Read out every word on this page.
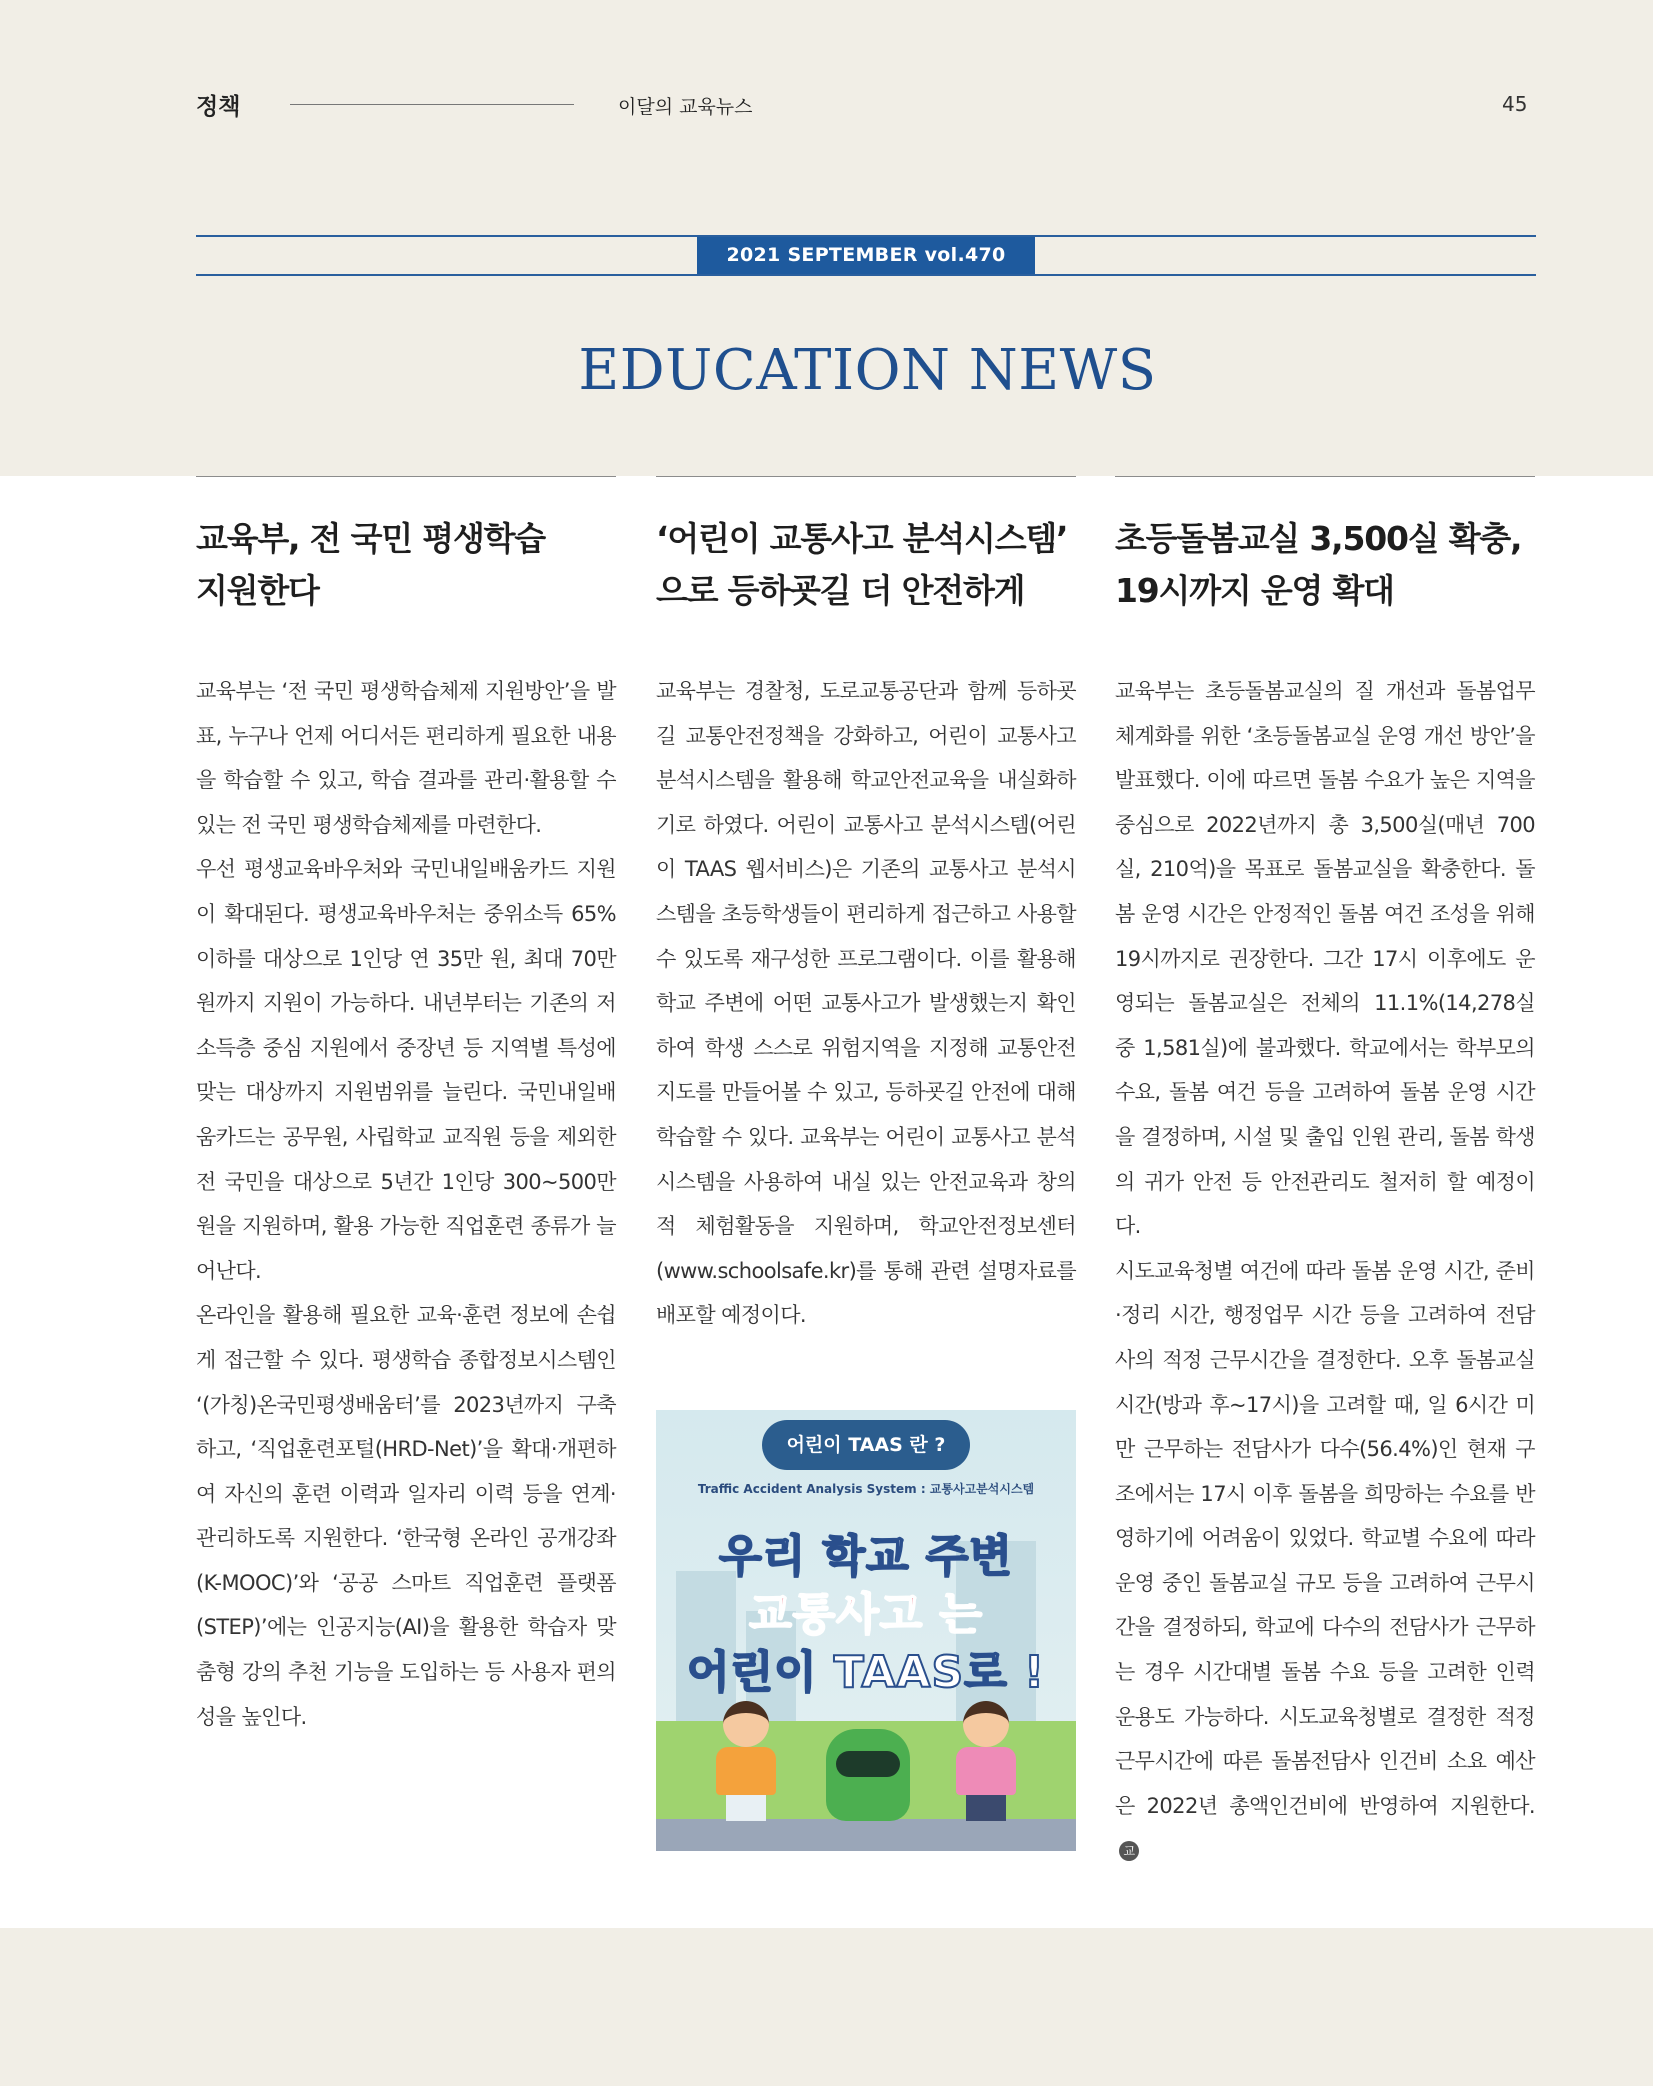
정책	이달의 교육뉴스	45
2021 SEPTEMBER vol.470
EDUCATION NEWS
교육부, 전 국민 평생학습
지원한다

교육부는 ‘전 국민 평생학습체제 지원방안’을 발표, 누구나 언제 어디서든 편리하게 필요한 내용을 학습할 수 있고, 학습 결과를 관리·활용할 수 있는 전 국민 평생학습체제를 마련한다.

우선 평생교육바우처와 국민내일배움카드 지원이 확대된다. 평생교육바우처는 중위소득 65% 이하를 대상으로 1인당 연 35만 원, 최대 70만 원까지 지원이 가능하다. 내년부터는 기존의 저소득층 중심 지원에서 중장년 등 지역별 특성에 맞는 대상까지 지원범위를 늘린다. 국민내일배움카드는 공무원, 사립학교 교직원 등을 제외한 전 국민을 대상으로 5년간 1인당 300~500만 원을 지원하며, 활용 가능한 직업훈련 종류가 늘어난다.

온라인을 활용해 필요한 교육·훈련 정보에 손쉽게 접근할 수 있다. 평생학습 종합정보시스템인 ‘(가칭)온국민평생배움터’를 2023년까지 구축하고, ‘직업훈련포털(HRD-Net)’을 확대·개편하여 자신의 훈련 이력과 일자리 이력 등을 연계·관리하도록 지원한다. ‘한국형 온라인 공개강좌(K-MOOC)’와 ‘공공 스마트 직업훈련 플랫폼(STEP)’에는 인공지능(AI)을 활용한 학습자 맞춤형 강의 추천 기능을 도입하는 등 사용자 편의성을 높인다.

‘어린이 교통사고 분석시스템’
으로 등하굣길 더 안전하게

교육부는 경찰청, 도로교통공단과 함께 등하굣길 교통안전정책을 강화하고, 어린이 교통사고 분석시스템을 활용해 학교안전교육을 내실화하기로 하였다. 어린이 교통사고 분석시스템(어린이 TAAS 웹서비스)은 기존의 교통사고 분석시스템을 초등학생들이 편리하게 접근하고 사용할 수 있도록 재구성한 프로그램이다. 이를 활용해 학교 주변에 어떤 교통사고가 발생했는지 확인하여 학생 스스로 위험지역을 지정해 교통안전지도를 만들어볼 수 있고, 등하굣길 안전에 대해 학습할 수 있다. 교육부는 어린이 교통사고 분석시스템을 사용하여 내실 있는 안전교육과 창의적 체험활동을 지원하며, 학교안전정보센터(www.schoolsafe.kr)를 통해 관련 설명자료를 배포할 예정이다.

초등돌봄교실 3,500실 확충,
19시까지 운영 확대

교육부는 초등돌봄교실의 질 개선과 돌봄업무 체계화를 위한 ‘초등돌봄교실 운영 개선 방안’을 발표했다. 이에 따르면 돌봄 수요가 높은 지역을 중심으로 2022년까지 총 3,500실(매년 700실, 210억)을 목표로 돌봄교실을 확충한다. 돌봄 운영 시간은 안정적인 돌봄 여건 조성을 위해 19시까지로 권장한다. 그간 17시 이후에도 운영되는 돌봄교실은 전체의 11.1%(14,278실 중 1,581실)에 불과했다. 학교에서는 학부모의 수요, 돌봄 여건 등을 고려하여 돌봄 운영 시간을 결정하며, 시설 및 출입 인원 관리, 돌봄 학생의 귀가 안전 등 안전관리도 철저히 할 예정이다.

시도교육청별 여건에 따라 돌봄 운영 시간, 준비·정리 시간, 행정업무 시간 등을 고려하여 전담사의 적정 근무시간을 결정한다. 오후 돌봄교실 시간(방과 후~17시)을 고려할 때, 일 6시간 미만 근무하는 전담사가 다수(56.4%)인 현재 구조에서는 17시 이후 돌봄을 희망하는 수요를 반영하기에 어려움이 있었다. 학교별 수요에 따라 운영 중인 돌봄교실 규모 등을 고려하여 근무시간을 결정하되, 학교에 다수의 전담사가 근무하는 경우 시간대별 돌봄 수요 등을 고려한 인력 운용도 가능하다. 시도교육청별로 결정한 적정 근무시간에 따른 돌봄전담사 인건비 소요 예산은 2022년 총액인건비에 반영하여 지원한다.교

어린이 TAAS 란 ?
Traffic Accident Analysis System : 교통사고분석시스템
우리 학교 주변
교통사고 는
어린이 TAAS로 !
